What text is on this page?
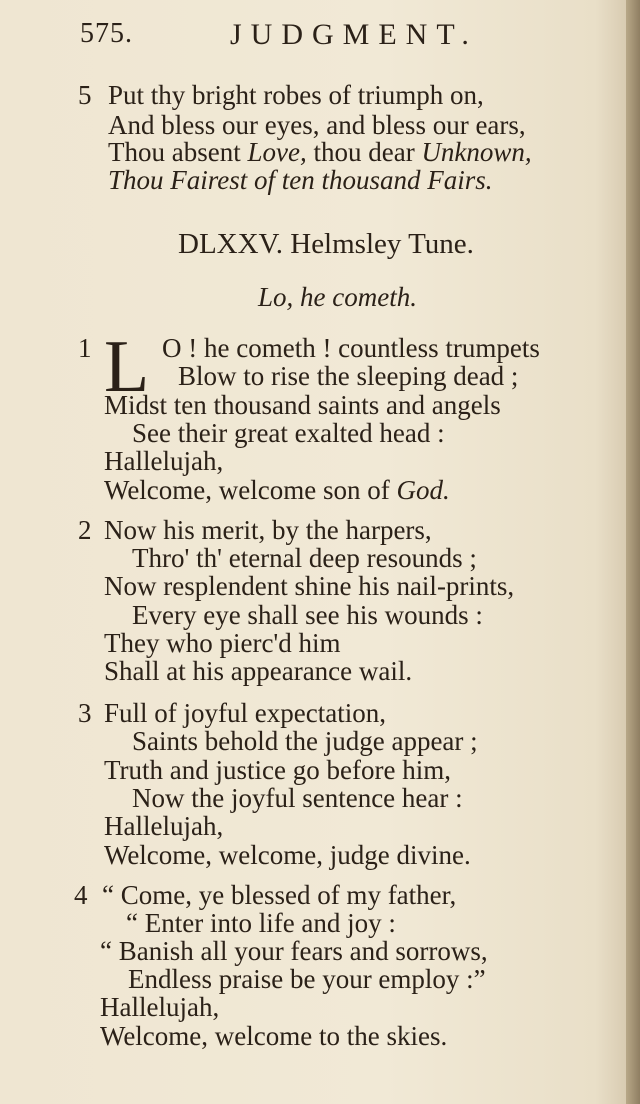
575.	JUDGMENT.
5 Put thy bright robes of triumph on,
And bless our eyes, and bless our ears,
Thou absent Love, thou dear Unknown,
Thou Fairest of ten thousand Fairs.
DLXXV. Helmsley Tune.
Lo, he cometh.
1 L O ! he cometh ! countless trumpets
Blow to rise the sleeping dead ;
Midst ten thousand saints and angels
See their great exalted head :
Hallelujah,
Welcome, welcome son of God.
2 Now his merit, by the harpers,
Thro' th' eternal deep resounds ;
Now resplendent shine his nail-prints,
Every eye shall see his wounds :
They who pierc'd him
Shall at his appearance wail.
3 Full of joyful expectation,
Saints behold the judge appear ;
Truth and justice go before him,
Now the joyful sentence hear :
Hallelujah,
Welcome, welcome, judge divine.
4 “ Come, ye blessed of my father,
“ Enter into life and joy :
“ Banish all your fears and sorrows,
Endless praise be your employ :”
Hallelujah,
Welcome, welcome to the skies.
